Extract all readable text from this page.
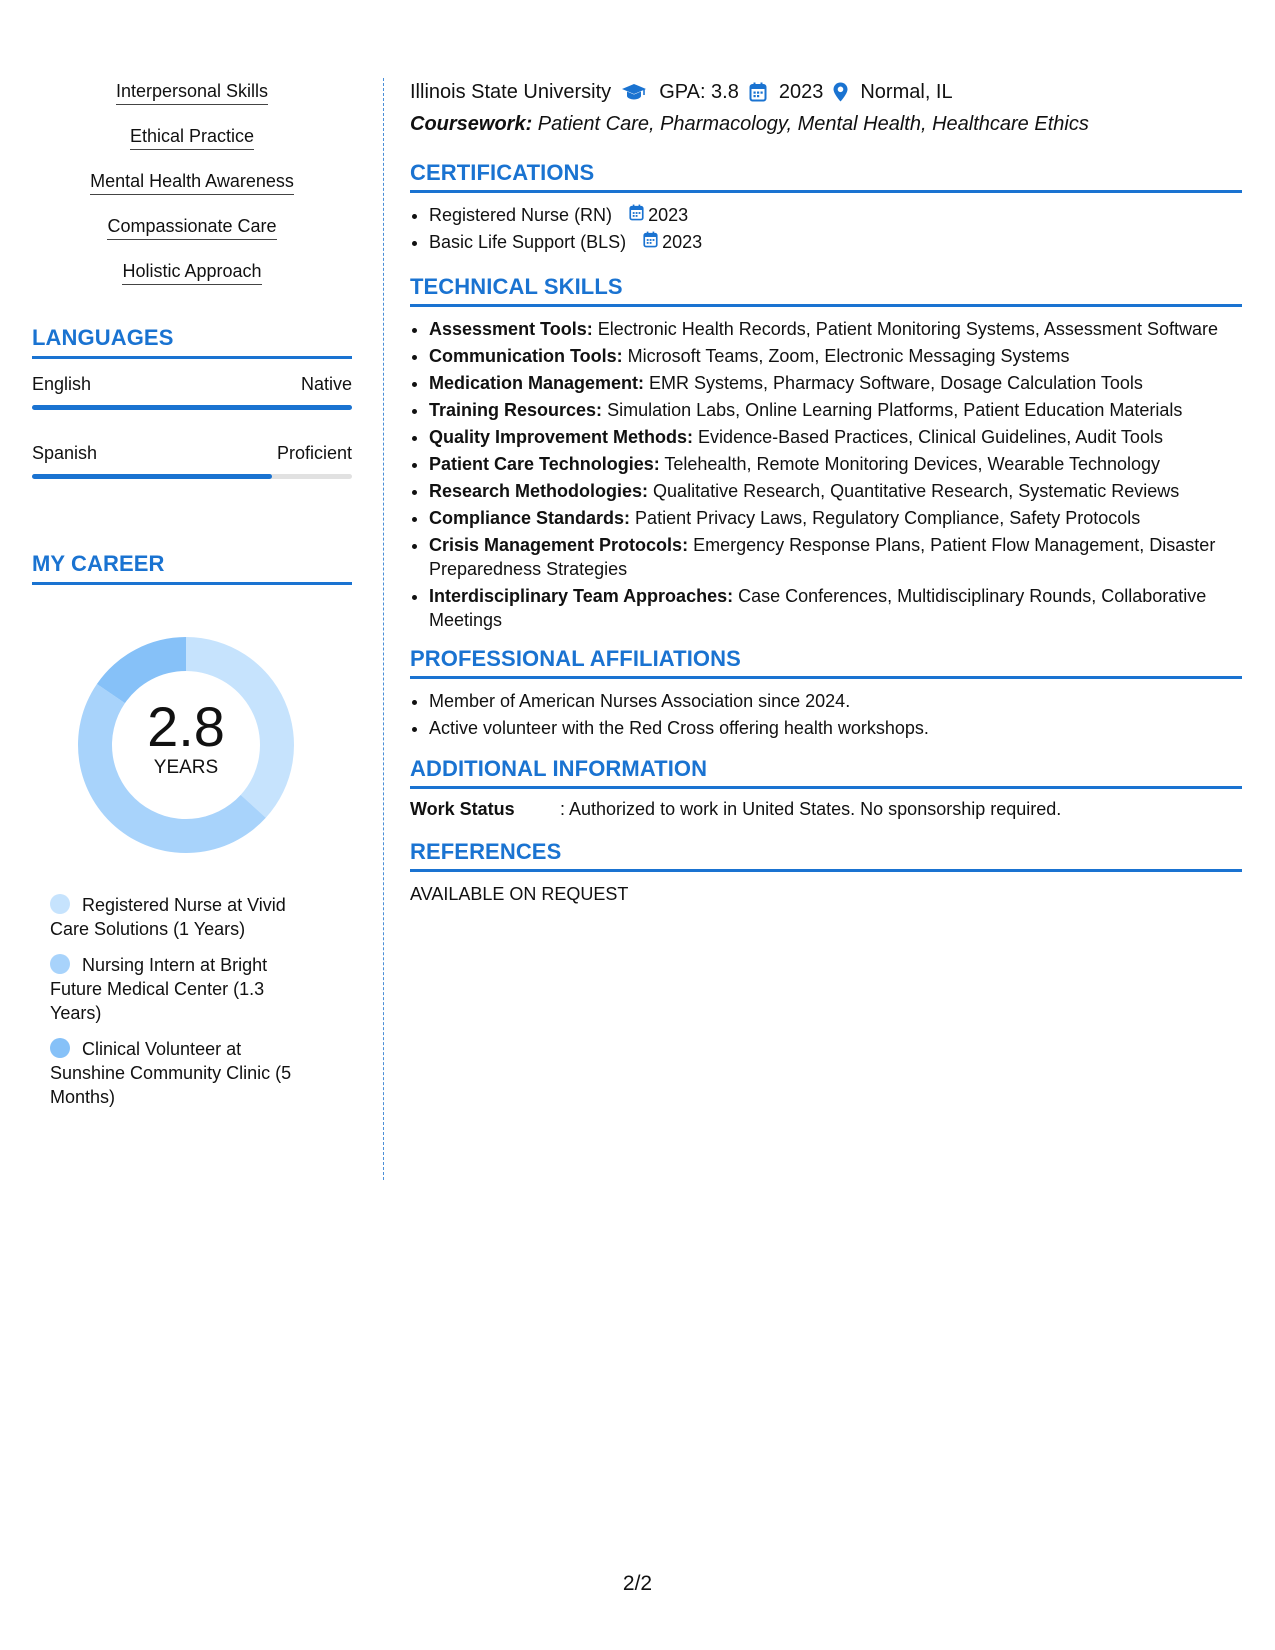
Interpersonal Skills
Ethical Practice
Mental Health Awareness
Compassionate Care
Holistic Approach
LANGUAGES
English	Native
Spanish	Proficient
MY CAREER
2.8
YEARS
Registered Nurse at Vivid Care Solutions (1 Years)
Nursing Intern at Bright Future Medical Center (1.3 Years)
Clinical Volunteer at Sunshine Community Clinic (5 Months)
Illinois State University GPA: 3.8 2023 Normal, IL
Coursework: Patient Care, Pharmacology, Mental Health, Healthcare Ethics
CERTIFICATIONS
• Registered Nurse (RN) 2023
• Basic Life Support (BLS) 2023
TECHNICAL SKILLS
• Assessment Tools: Electronic Health Records, Patient Monitoring Systems, Assessment Software
• Communication Tools: Microsoft Teams, Zoom, Electronic Messaging Systems
• Medication Management: EMR Systems, Pharmacy Software, Dosage Calculation Tools
• Training Resources: Simulation Labs, Online Learning Platforms, Patient Education Materials
• Quality Improvement Methods: Evidence-Based Practices, Clinical Guidelines, Audit Tools
• Patient Care Technologies: Telehealth, Remote Monitoring Devices, Wearable Technology
• Research Methodologies: Qualitative Research, Quantitative Research, Systematic Reviews
• Compliance Standards: Patient Privacy Laws, Regulatory Compliance, Safety Protocols
• Crisis Management Protocols: Emergency Response Plans, Patient Flow Management, Disaster Preparedness Strategies
• Interdisciplinary Team Approaches: Case Conferences, Multidisciplinary Rounds, Collaborative Meetings
PROFESSIONAL AFFILIATIONS
• Member of American Nurses Association since 2024.
• Active volunteer with the Red Cross offering health workshops.
ADDITIONAL INFORMATION
Work Status	: Authorized to work in United States. No sponsorship required.
REFERENCES
AVAILABLE ON REQUEST
2/2
